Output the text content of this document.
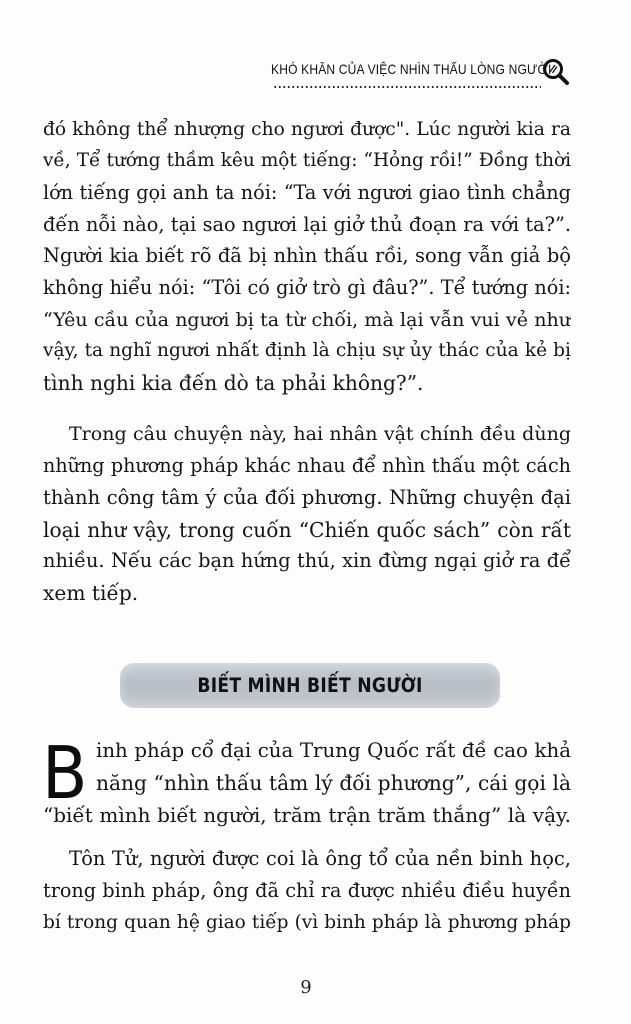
KHÓ KHĂN CỦA VIỆC NHÌN THẤU LÒNG NGƯỜI
đó không thể nhượng cho ngươi được". Lúc người kia ra
về, Tể tướng thầm kêu một tiếng: “Hỏng rồi!” Đồng thời
lớn tiếng gọi anh ta nói: “Ta với ngươi giao tình chẳng
đến nỗi nào, tại sao ngươi lại giở thủ đoạn ra với ta?”.
Người kia biết rõ đã bị nhìn thấu rồi, song vẫn giả bộ
không hiểu nói: “Tôi có giở trò gì đâu?”. Tể tướng nói:
“Yêu cầu của ngươi bị ta từ chối, mà lại vẫn vui vẻ như
vậy, ta nghĩ ngươi nhất định là chịu sự ủy thác của kẻ bị
tình nghi kia đến dò ta phải không?”.
Trong câu chuyện này, hai nhân vật chính đều dùng
những phương pháp khác nhau để nhìn thấu một cách
thành công tâm ý của đối phương. Những chuyện đại
loại như vậy, trong cuốn “Chiến quốc sách” còn rất
nhiều. Nếu các bạn hứng thú, xin đừng ngại giở ra để
xem tiếp.
BIẾT MÌNH BIẾT NGƯỜI
B inh pháp cổ đại của Trung Quốc rất đề cao khả
năng “nhìn thấu tâm lý đối phương”, cái gọi là
“biết mình biết người, trăm trận trăm thắng” là vậy.
Tôn Tử, người được coi là ông tổ của nền binh học,
trong binh pháp, ông đã chỉ ra được nhiều điều huyền
bí trong quan hệ giao tiếp (vì binh pháp là phương pháp
9
